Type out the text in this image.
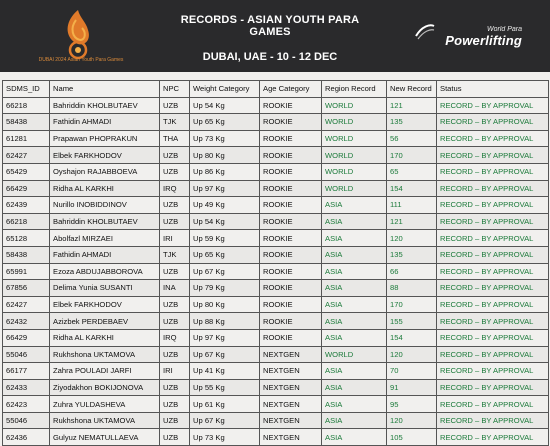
DUBAI 2024 Asian Youth Para Games
RECORDS - ASIAN YOUTH PARA GAMES
DUBAI, UAE - 10 - 12 DEC
World Para
Powerlifting
SDMS_ID	Name	NPC	Weight Category	Age Category	Region Record	New Record	Status
66218	Bahriddin KHOLBUTAEV	UZB	Up 54 Kg	ROOKIE	WORLD	121	RECORD – BY APPROVAL
58438	Fathidin AHMADI	TJK	Up 65 Kg	ROOKIE	WORLD	135	RECORD – BY APPROVAL
61281	Prapawan PHOPRAKUN	THA	Up 73 Kg	ROOKIE	WORLD	56	RECORD – BY APPROVAL
62427	Elbek FARKHODOV	UZB	Up 80 Kg	ROOKIE	WORLD	170	RECORD – BY APPROVAL
65429	Oyshajon RAJABBOEVA	UZB	Up 86 Kg	ROOKIE	WORLD	65	RECORD – BY APPROVAL
66429	Ridha AL KARKHI	IRQ	Up 97 Kg	ROOKIE	WORLD	154	RECORD – BY APPROVAL
62439	Nurillo INOBIDDINOV	UZB	Up 49 Kg	ROOKIE	ASIA	111	RECORD – BY APPROVAL
66218	Bahriddin KHOLBUTAEV	UZB	Up 54 Kg	ROOKIE	ASIA	121	RECORD – BY APPROVAL
65128	Abolfazl MIRZAEI	IRI	Up 59 Kg	ROOKIE	ASIA	120	RECORD – BY APPROVAL
58438	Fathidin AHMADI	TJK	Up 65 Kg	ROOKIE	ASIA	135	RECORD – BY APPROVAL
65991	Ezoza ABDUJABBOROVA	UZB	Up 67 Kg	ROOKIE	ASIA	66	RECORD – BY APPROVAL
67856	Delima Yunia SUSANTI	INA	Up 79 Kg	ROOKIE	ASIA	88	RECORD – BY APPROVAL
62427	Elbek FARKHODOV	UZB	Up 80 Kg	ROOKIE	ASIA	170	RECORD – BY APPROVAL
62432	Azizbek PERDEBAEV	UZB	Up 88 Kg	ROOKIE	ASIA	155	RECORD – BY APPROVAL
66429	Ridha AL KARKHI	IRQ	Up 97 Kg	ROOKIE	ASIA	154	RECORD – BY APPROVAL
55046	Rukhshona UKTAMOVA	UZB	Up 67 Kg	NEXTGEN	WORLD	120	RECORD – BY APPROVAL
66177	Zahra POULADI JARFI	IRI	Up 41 Kg	NEXTGEN	ASIA	70	RECORD – BY APPROVAL
62433	Ziyodakhon BOKIJONOVA	UZB	Up 55 Kg	NEXTGEN	ASIA	91	RECORD – BY APPROVAL
62423	Zuhra YULDASHEVA	UZB	Up 61 Kg	NEXTGEN	ASIA	95	RECORD – BY APPROVAL
55046	Rukhshona UKTAMOVA	UZB	Up 67 Kg	NEXTGEN	ASIA	120	RECORD – BY APPROVAL
62436	Gulyuz NEMATULLAEVA	UZB	Up 73 Kg	NEXTGEN	ASIA	105	RECORD – BY APPROVAL
